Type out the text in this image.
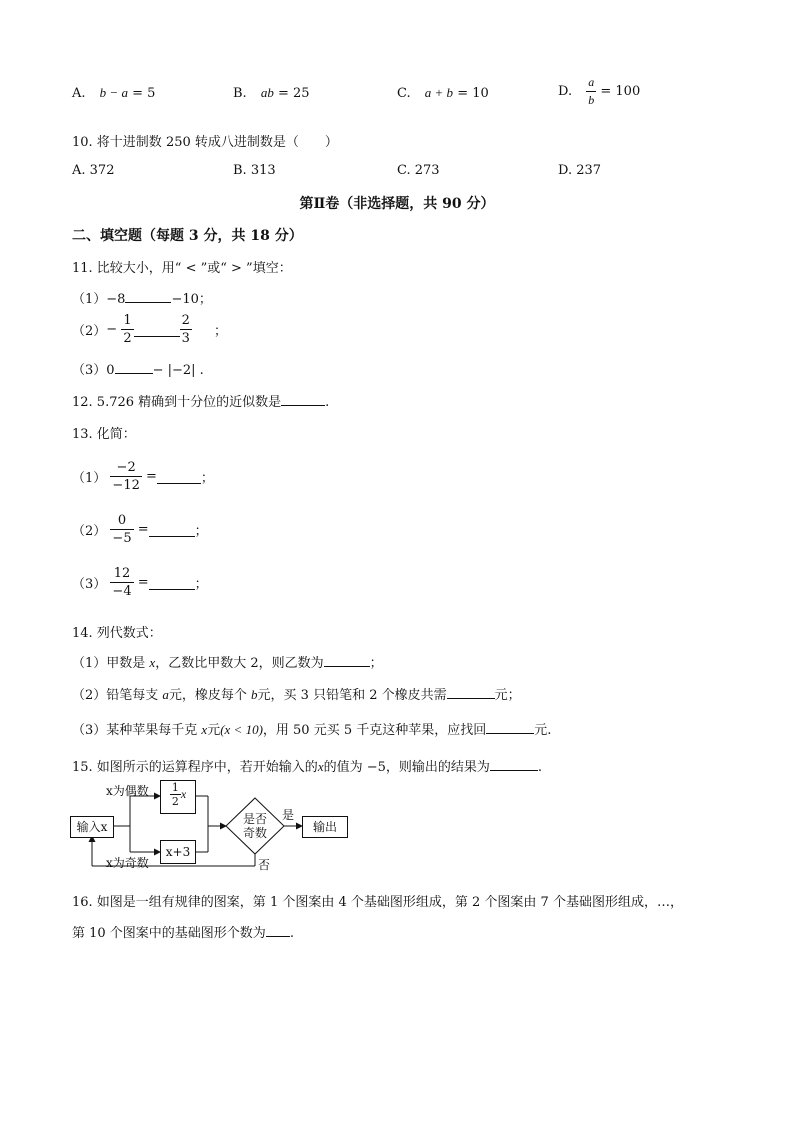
A. b − a = 5	B. ab = 25	C. a + b = 10	D. $\frac{a}{b} = 100$
10. 将十进制数 250 转成八进制数是（　　）
A. 372	B. 313	C. 273	D. 237
第Ⅱ卷（非选择题，共 90 分）
二、填空题（每题 3 分，共 18 分）
11. 比较大小，用“ < ”或“ > ”填空：
（1）−8	−10；
$(2)- \frac{1}{2}$	$\frac{2}{3}$ ；
（3）0	− |−2| .
12. 5.726 精确到十分位的近似数是	.
13. 化简：
$(1) \frac{-2}{-12}$ =	；
$(2) \frac{0}{-5}$ =	；
$(3) \frac{12}{-4}$ =	；
14. 列代数式：
（1）甲数是 x，乙数比甲数大 2，则乙数为	；
（2）铅笔每支 a元，橡皮每个 b元，买 3 只铅笔和 2 个橡皮共需	元；
（3）某种苹果每千克 x元(x < 10)，用 50 元买 5 千克这种苹果，应找回	元.
15. 如图所示的运算程序中，若开始输入的x的值为 −5，则输出的结果为	.
输入x
x为偶数
x为奇数
$\frac{1}{2}$ x
x+3
是否
奇数
是
否
输出
16. 如图是一组有规律的图案，第 1 个图案由 4 个基础图形组成，第 2 个图案由 7 个基础图形组成，…，
第 10 个图案中的基础图形个数为 .
